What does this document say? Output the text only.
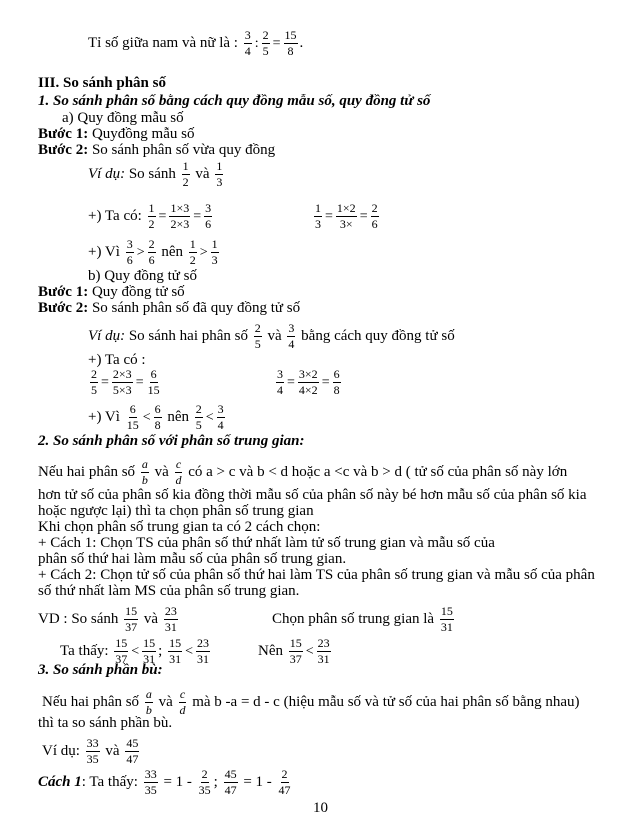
Tỉ số giữa nam và nữ là : $\frac{3}{4}$ : $\frac{2}{5} = \frac{15}{8}$ .
III. So sánh phân số
1. So sánh phân số bằng cách quy đồng mẫu số, quy đồng tử số
a) Quy đồng mẫu số
Bước 1: Quyđồng mẫu số
Bước 2: So sánh phân số vừa quy đồng
Ví dụ: So sánh $\frac{1}{2}$ và $\frac{1}{3}$
+) Ta có: $\frac{1}{2} = \frac{1\times 3}{2\times 3} = \frac{3}{6}$	$\frac{1}{3} = \frac{1\times 2}{3\times} = \frac{2}{6}$
+) Vì $\frac{3}{6} > \frac{2}{6}$ nên $\frac{1}{2} > \frac{1}{3}$
b) Quy đồng tử số
Bước 1: Quy đồng tử số
Bước 2: So sánh phân số đã quy đồng tử số
Ví dụ: So sánh hai phân số $\frac{2}{5}$ và $\frac{3}{4}$ bằng cách quy đồng tử số
+) Ta có :
$\frac{2}{5} = \frac{2\times 3}{5\times 3} = \frac{6}{15}$	$\frac{3}{4} = \frac{3\times 2}{4\times 2} = \frac{6}{8}$
+) Vì $\frac{6}{15} < \frac{6}{8}$ nên $\frac{2}{5} < \frac{3}{4}$
2. So sánh phân số với phân số trung gian:
Nếu hai phân số $\frac{a}{b}$ và $\frac{c}{d}$ có a > c và b < d hoặc a <c và b > d ( tử số của phân số này lớn
hơn tử số của phân số kia đồng thời mẫu số của phân số này bé hơn mẫu số của phân số kia
hoặc ngược lại) thì ta chọn phân số trung gian
Khi chọn phân số trung gian ta có 2 cách chọn:
+ Cách 1: Chọn TS của phân số thứ nhất làm tử số trung gian và mẫu số của
phân số thứ hai làm mẫu số của phân số trung gian.
+ Cách 2: Chọn tử số của phân số thứ hai làm TS của phân số trung gian và mẫu số của phân
số thứ nhất làm MS của phân số trung gian.
VD : So sánh $\frac{15}{37}$ và $\frac{23}{31}$	Chọn phân số trung gian là $\frac{15}{31}$
Ta thấy: $\frac{15}{37} < \frac{15}{31}$ ; $\frac{15}{31} < \frac{23}{31}$	Nên $\frac{15}{37} < \frac{23}{31}$
3. So sánh phần bù:
Nếu hai phân số $\frac{a}{b}$ và $\frac{c}{d}$ mà b -a = d - c (hiệu mẫu số và tử số của hai phân số bằng nhau)
thì ta so sánh phần bù.
Ví dụ: $\frac{33}{35}$ và $\frac{45}{47}$
Cách 1: Ta thấy: $\frac{33}{35} = 1 - \frac{2}{35}$ ; $\frac{45}{47} = 1 - \frac{2}{47}$
10
